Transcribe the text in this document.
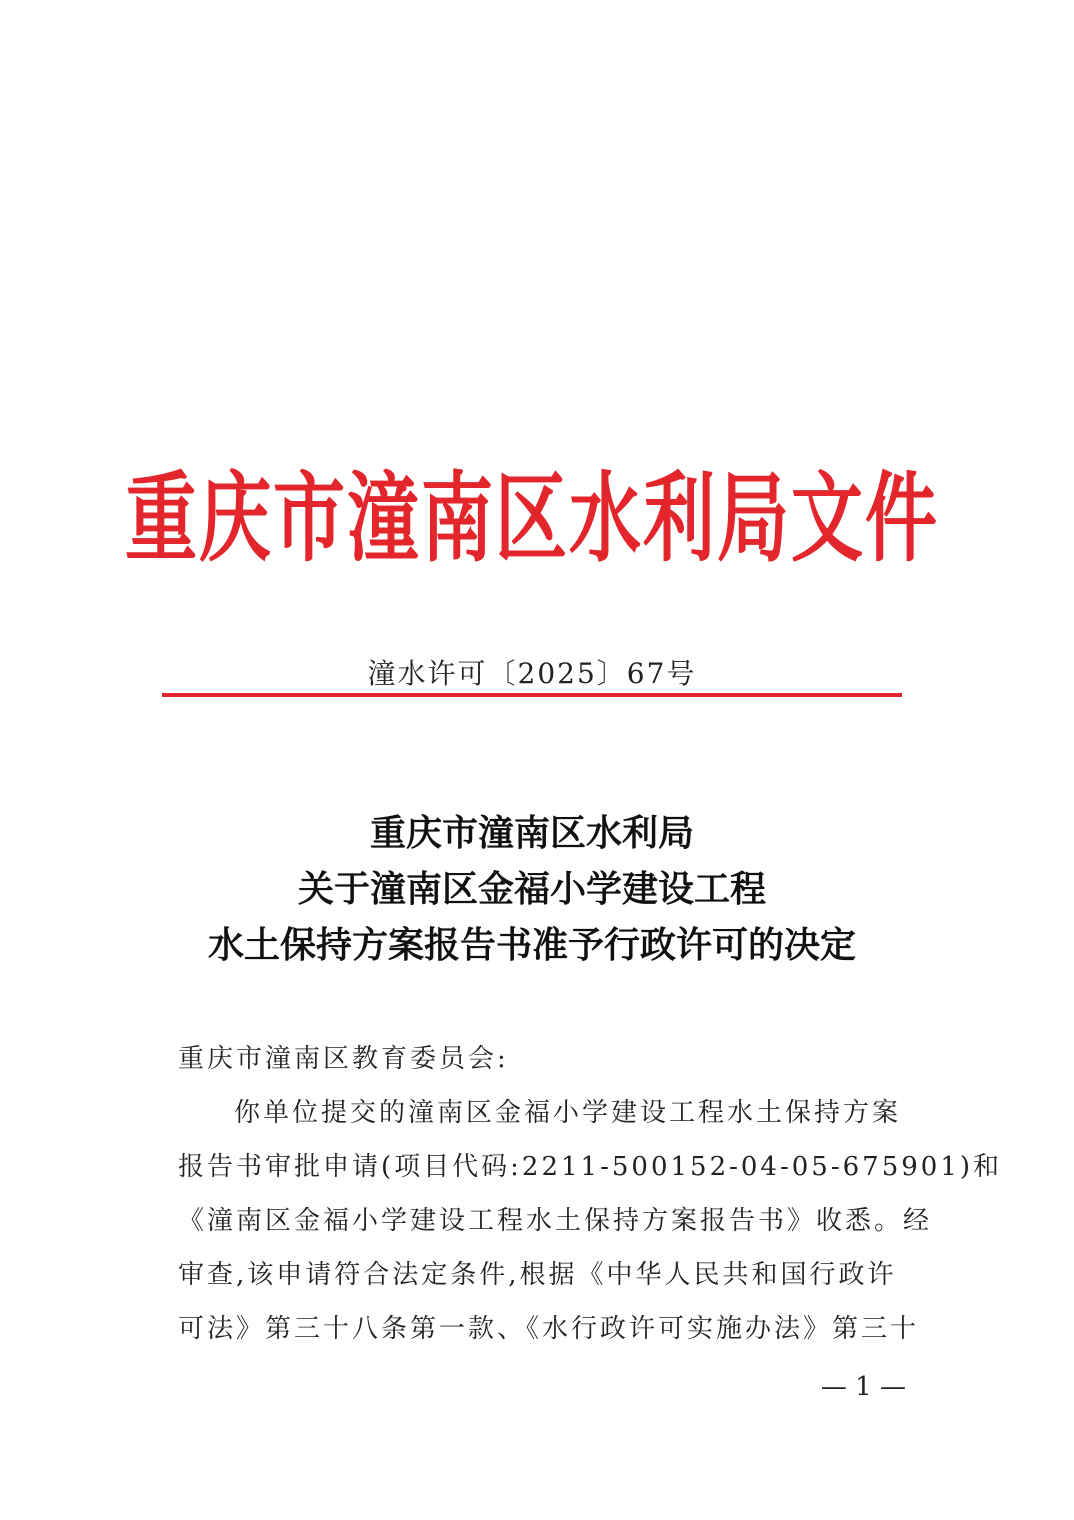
重庆市潼南区水利局文件
潼水许可〔2025〕67号
重庆市潼南区水利局
关于潼南区金福小学建设工程
水土保持方案报告书准予行政许可的决定
重庆市潼南区教育委员会:
你单位提交的潼南区金福小学建设工程水土保持方案
报告书审批申请(项目代码:2211-500152-04-05-675901)和
《潼南区金福小学建设工程水土保持方案报告书》收悉。经
审查,该申请符合法定条件,根据《中华人民共和国行政许
可法》第三十八条第一款、《水行政许可实施办法》第三十
— 1 —
